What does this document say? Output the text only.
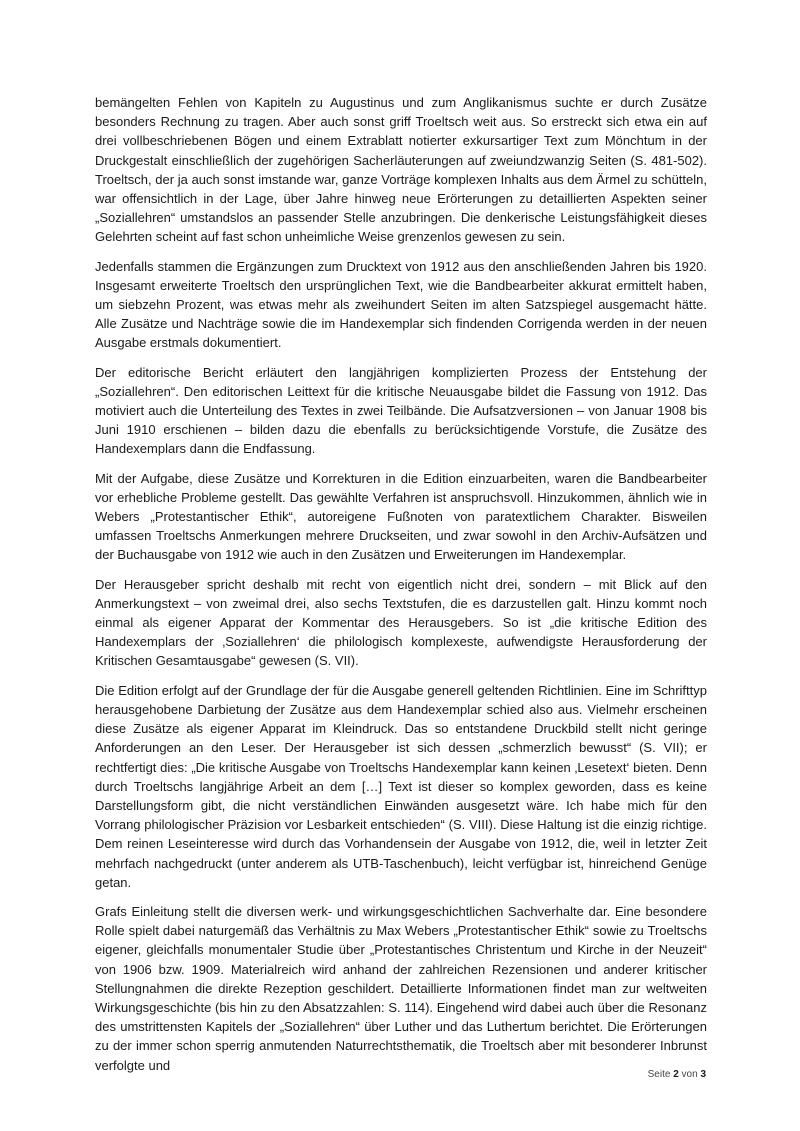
bemängelten Fehlen von Kapiteln zu Augustinus und zum Anglikanismus suchte er durch Zusätze besonders Rechnung zu tragen. Aber auch sonst griff Troeltsch weit aus. So erstreckt sich etwa ein auf drei vollbeschriebenen Bögen und einem Extrablatt notierter exkursartiger Text zum Mönchtum in der Druckgestalt einschließlich der zugehörigen Sacherläuterungen auf zweiundzwanzig Seiten (S. 481-502). Troeltsch, der ja auch sonst imstande war, ganze Vorträge komplexen Inhalts aus dem Ärmel zu schütteln, war offensichtlich in der Lage, über Jahre hinweg neue Erörterungen zu detaillierten Aspekten seiner „Soziallehren“ umstandslos an passender Stelle anzubringen. Die denkerische Leistungsfähigkeit dieses Gelehrten scheint auf fast schon unheimliche Weise grenzenlos gewesen zu sein.

Jedenfalls stammen die Ergänzungen zum Drucktext von 1912 aus den anschließenden Jahren bis 1920. Insgesamt erweiterte Troeltsch den ursprünglichen Text, wie die Bandbearbeiter akkurat ermittelt haben, um siebzehn Prozent, was etwas mehr als zweihundert Seiten im alten Satzspiegel ausgemacht hätte. Alle Zusätze und Nachträge sowie die im Handexemplar sich findenden Corrigenda werden in der neuen Ausgabe erstmals dokumentiert.

Der editorische Bericht erläutert den langjährigen komplizierten Prozess der Entstehung der „Soziallehren“. Den editorischen Leittext für die kritische Neuausgabe bildet die Fassung von 1912. Das motiviert auch die Unterteilung des Textes in zwei Teilbände. Die Aufsatzversionen – von Januar 1908 bis Juni 1910 erschienen – bilden dazu die ebenfalls zu berücksichtigende Vorstufe, die Zusätze des Handexemplars dann die Endfassung.

Mit der Aufgabe, diese Zusätze und Korrekturen in die Edition einzuarbeiten, waren die Bandbearbeiter vor erhebliche Probleme gestellt. Das gewählte Verfahren ist anspruchsvoll. Hinzukommen, ähnlich wie in Webers „Protestantischer Ethik“, autoreigene Fußnoten von paratextlichem Charakter. Bisweilen umfassen Troeltschs Anmerkungen mehrere Druckseiten, und zwar sowohl in den Archiv-Aufsätzen und der Buchausgabe von 1912 wie auch in den Zusätzen und Erweiterungen im Handexemplar.

Der Herausgeber spricht deshalb mit recht von eigentlich nicht drei, sondern – mit Blick auf den Anmerkungstext – von zweimal drei, also sechs Textstufen, die es darzustellen galt. Hinzu kommt noch einmal als eigener Apparat der Kommentar des Herausgebers. So ist „die kritische Edition des Handexemplars der ‚Soziallehren‘ die philologisch komplexeste, aufwendigste Herausforderung der Kritischen Gesamtausgabe“ gewesen (S. VII).

Die Edition erfolgt auf der Grundlage der für die Ausgabe generell geltenden Richtlinien. Eine im Schrifttyp herausgehobene Darbietung der Zusätze aus dem Handexemplar schied also aus. Vielmehr erscheinen diese Zusätze als eigener Apparat im Kleindruck. Das so entstandene Druckbild stellt nicht geringe Anforderungen an den Leser. Der Herausgeber ist sich dessen „schmerzlich bewusst“ (S. VII); er rechtfertigt dies: „Die kritische Ausgabe von Troeltschs Handexemplar kann keinen ‚Lesetext‘ bieten. Denn durch Troeltschs langjährige Arbeit an dem […] Text ist dieser so komplex geworden, dass es keine Darstellungsform gibt, die nicht verständlichen Einwänden ausgesetzt wäre. Ich habe mich für den Vorrang philologischer Präzision vor Lesbarkeit entschieden“ (S. VIII). Diese Haltung ist die einzig richtige. Dem reinen Leseinteresse wird durch das Vorhandensein der Ausgabe von 1912, die, weil in letzter Zeit mehrfach nachgedruckt (unter anderem als UTB-Taschenbuch), leicht verfügbar ist, hinreichend Genüge getan.

Grafs Einleitung stellt die diversen werk- und wirkungsgeschichtlichen Sachverhalte dar. Eine besondere Rolle spielt dabei naturgemäß das Verhältnis zu Max Webers „Protestantischer Ethik“ sowie zu Troeltschs eigener, gleichfalls monumentaler Studie über „Protestantisches Christentum und Kirche in der Neuzeit“ von 1906 bzw. 1909. Materialreich wird anhand der zahlreichen Rezensionen und anderer kritischer Stellungnahmen die direkte Rezeption geschildert. Detaillierte Informationen findet man zur weltweiten Wirkungsgeschichte (bis hin zu den Absatzzahlen: S. 114). Eingehend wird dabei auch über die Resonanz des umstrittensten Kapitels der „Soziallehren“ über Luther und das Luthertum berichtet. Die Erörterungen zu der immer schon sperrig anmutenden Naturrechtsthematik, die Troeltsch aber mit besonderer Inbrunst verfolgte und

Seite 2 von 3
